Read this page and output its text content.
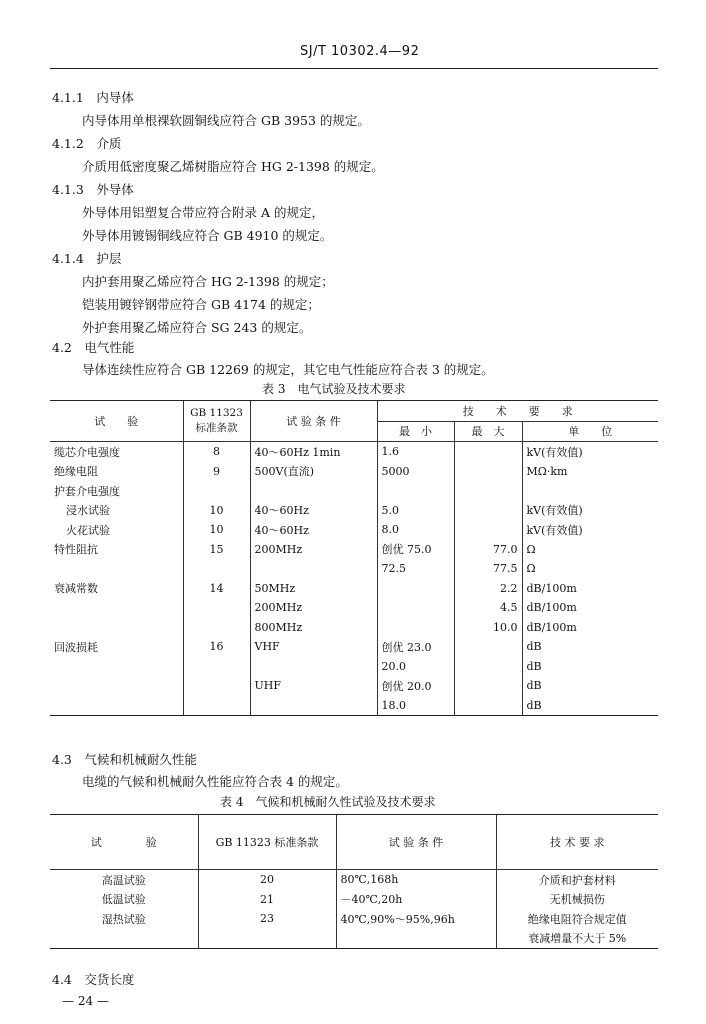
SJ/T 10302.4—92
4.1.1　 内导体
内导体用单根裸软圆铜线应符合 GB 3953 的规定。
4.1.2　 介质
介质用低密度聚乙烯树脂应符合 HG 2-1398 的规定。
4.1.3　 外导体
外导体用铝塑复合带应符合附录 A 的规定，
外导体用镀锡铜线应符合 GB 4910 的规定。
4.1.4　 护层
内护套用聚乙烯应符合 HG 2-1398 的规定；
铠装用镀锌钢带应符合 GB 4174 的规定；
外护套用聚乙烯应符合 SG 243 的规定。
4.2　 电气性能
导体连续性应符合 GB 12269 的规定，其它电气性能应符合表 3 的规定。
表 3　电气试验及技术要求
试　　验	GB 11323 标准条款	试 验 条 件	技　　术　　要　　求		
			最　小	最　大	单　　位
缆芯介电强度	8	40～60Hz 1min	1.6		kV(有效值)
绝缘电阻	9	500V(直流)	5000		MΩ·km
护套介电强度					
浸水试验	10	40～60Hz	5.0		kV(有效值)
火花试验	10	40～60Hz	8.0		kV(有效值)
特性阻抗	15	200MHz	创优 75.0	77.0	Ω
			72.5	77.5	Ω
衰减常数	14	50MHz		2.2	dB/100m
		200MHz		4.5	dB/100m
		800MHz		10.0	dB/100m
回波损耗	16	VHF	创优 23.0		dB
			20.0		dB
		UHF	创优 20.0		dB
			18.0		dB
4.3　 气候和机械耐久性能
电缆的气候和机械耐久性能应符合表 4 的规定。
表 4　气候和机械耐久性试验及技术要求
试　　　　验	GB 11323 标准条款	试 验 条 件	技 术 要 求
高温试验	20	80℃,168h	介质和护套材料
低温试验	21	－40℃,20h	无机械损伤
湿热试验	23	40℃,90%～95%,96h	绝缘电阻符合规定值
			衰减增量不大于 5%
4.4　 交货长度
— 24 —
